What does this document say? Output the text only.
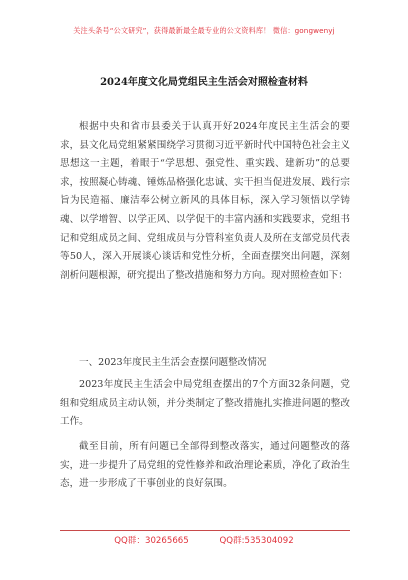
关注头条号“公文研究”，获得最新最全最专业的公文资料库！ 微信：gongwenyj
2024年度文化局党组民主生活会对照检查材料

根据中央和省市县委关于认真开好2024年度民主生活会的要求，县文化局党组紧紧围绕学习贯彻习近平新时代中国特色社会主义思想这一主题，着眼于“学思想、强党性、重实践、建新功”的总要求，按照凝心铸魂、锤炼品格强化忠诚、实干担当促进发展、践行宗旨为民造福、廉洁奉公树立新风的具体目标，深入学习领悟以学铸魂、以学增智、以学正风、以学促干的丰富内涵和实践要求，党组书记和党组成员之间、党组成员与分管科室负责人及所在支部党员代表等50人，深入开展谈心谈话和党性分析，全面查摆突出问题，深刻剖析问题根源，研究提出了整改措施和努力方向。现对照检查如下：

一、2023年度民主生活会查摆问题整改情况

2023年度民主生活会中局党组查摆出的7个方面32条问题，党组和党组成员主动认领，并分类制定了整改措施扎实推进问题的整改工作。

截至目前，所有问题已全部得到整改落实，通过问题整改的落实，进一步提升了局党组的党性修养和政治理论素质，净化了政治生态，进一步形成了干事创业的良好氛围。

QQ群：30265665	QQ群:535304092
